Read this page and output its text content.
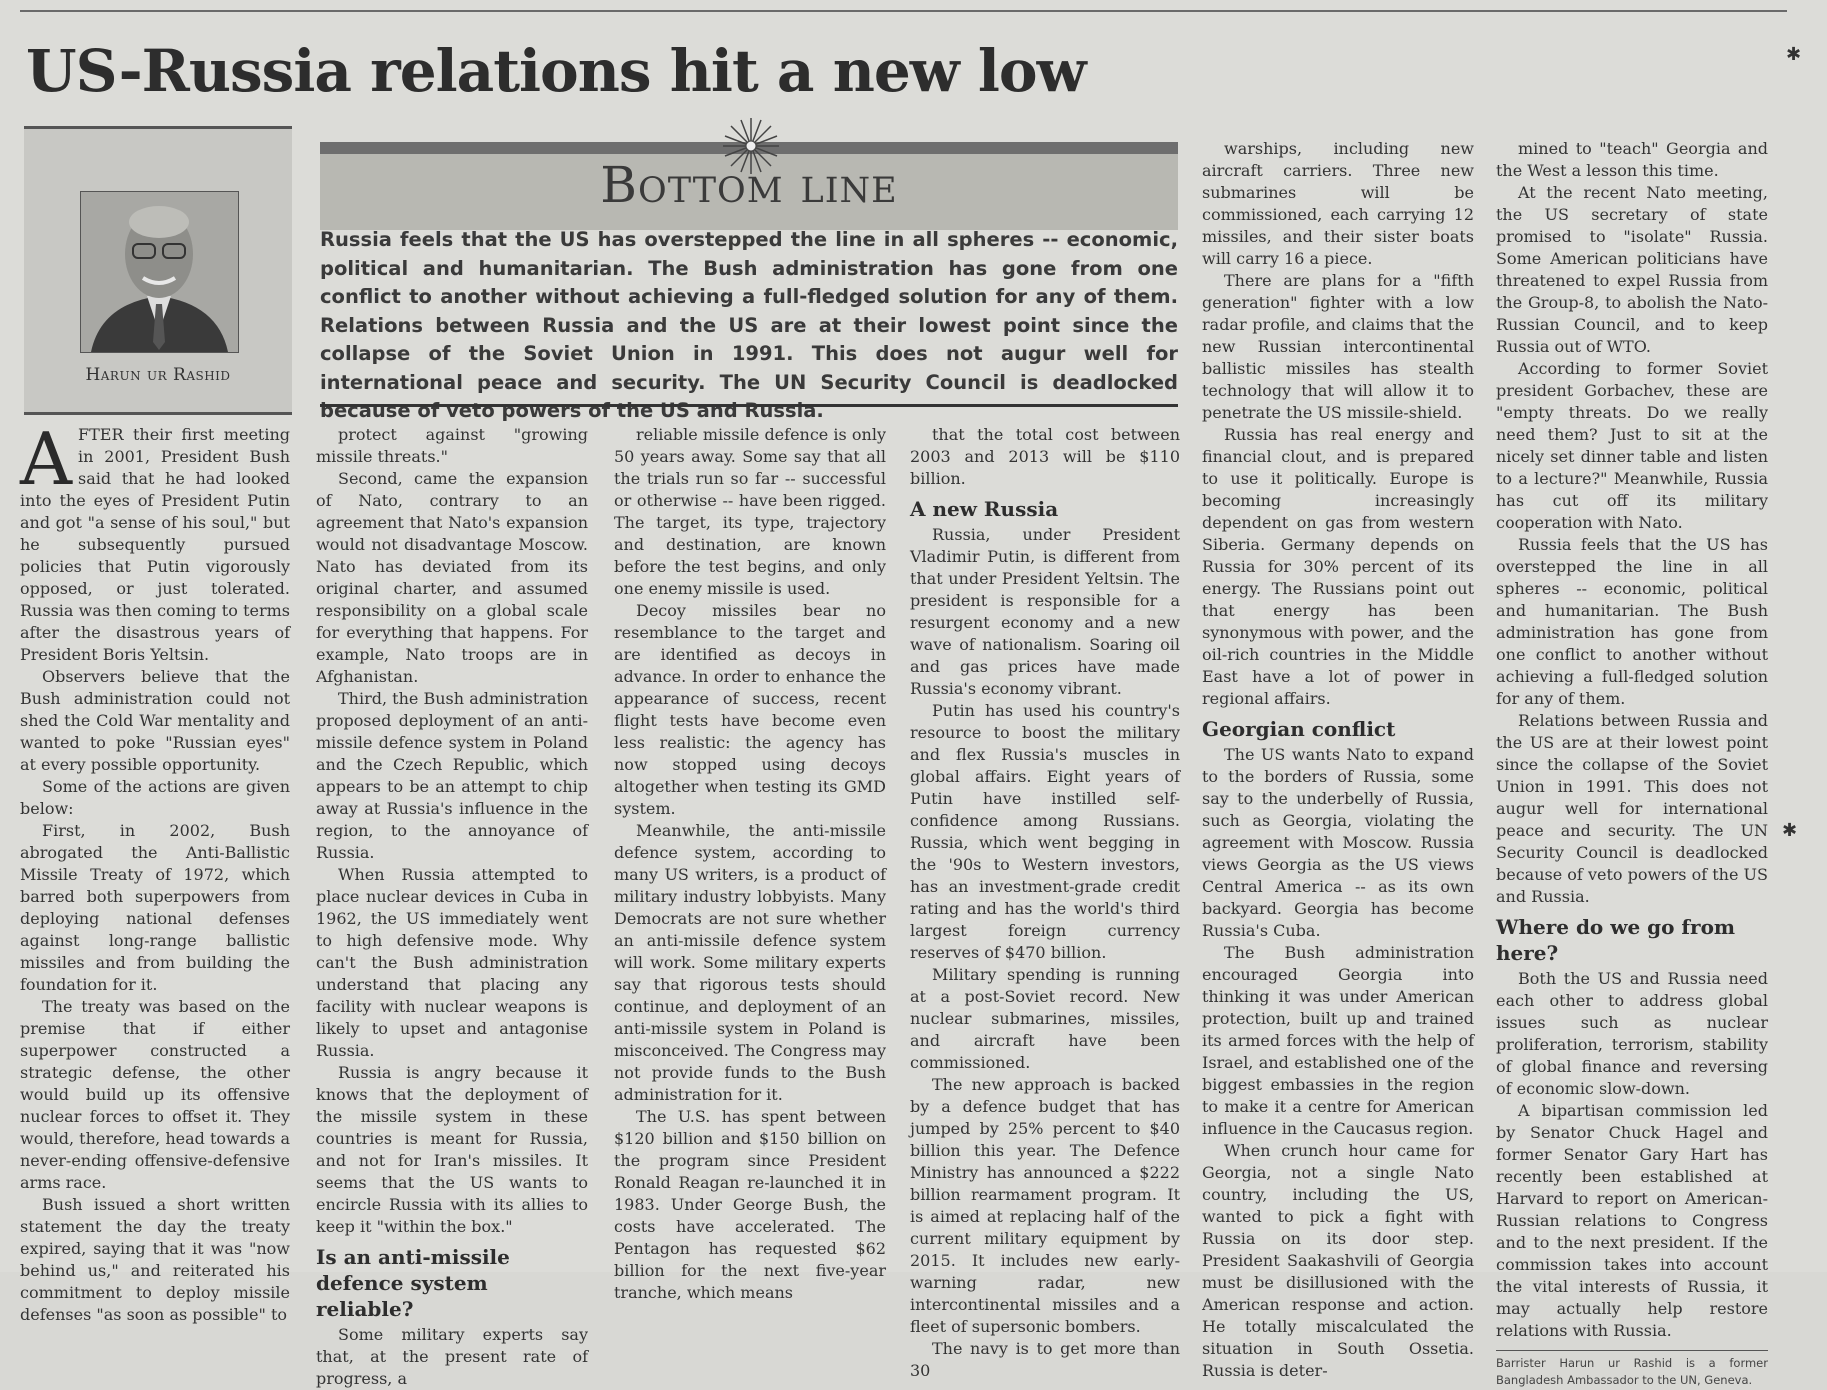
✱
✱
US-Russia relations hit a new low
Harun ur Rashid
Bottom line

Russia feels that the US has overstepped the line in all spheres -- economic, political and humanitarian. The Bush administration has gone from one conflict to another without achieving a full-fledged solution for any of them. Relations between Russia and the US are at their lowest point since the collapse of the Soviet Union in 1991. This does not augur well for international peace and security. The UN Security Council is deadlocked because of veto powers of the US and Russia.

AFTER their first meeting in 2001, President Bush said that he had looked into the eyes of President Putin and got "a sense of his soul," but he subsequently pursued policies that Putin vigorously opposed, or just tolerated. Russia was then coming to terms after the disastrous years of President Boris Yeltsin.

Observers believe that the Bush administration could not shed the Cold War mentality and wanted to poke "Russian eyes" at every possible opportunity.

Some of the actions are given below:

First, in 2002, Bush abrogated the Anti-Ballistic Missile Treaty of 1972, which barred both superpowers from deploying national defenses against long-range ballistic missiles and from building the foundation for it.

The treaty was based on the premise that if either superpower constructed a strategic defense, the other would build up its offensive nuclear forces to offset it. They would, therefore, head towards a never-ending offensive-defensive arms race.

Bush issued a short written statement the day the treaty expired, saying that it was "now behind us," and reiterated his commitment to deploy missile defenses "as soon as possible" to

protect against "growing missile threats."

Second, came the expansion of Nato, contrary to an agreement that Nato's expansion would not disadvantage Moscow. Nato has deviated from its original charter, and assumed responsibility on a global scale for everything that happens. For example, Nato troops are in Afghanistan.

Third, the Bush administration proposed deployment of an anti-missile defence system in Poland and the Czech Republic, which appears to be an attempt to chip away at Russia's influence in the region, to the annoyance of Russia.

When Russia attempted to place nuclear devices in Cuba in 1962, the US immediately went to high defensive mode. Why can't the Bush administration understand that placing any facility with nuclear weapons is likely to upset and antagonise Russia.

Russia is angry because it knows that the deployment of the missile system in these countries is meant for Russia, and not for Iran's missiles. It seems that the US wants to encircle Russia with its allies to keep it "within the box."

Is an anti-missile defence system reliable?

Some military experts say that, at the present rate of progress, a

reliable missile defence is only 50 years away. Some say that all the trials run so far -- successful or otherwise -- have been rigged. The target, its type, trajectory and destination, are known before the test begins, and only one enemy missile is used.

Decoy missiles bear no resemblance to the target and are identified as decoys in advance. In order to enhance the appearance of success, recent flight tests have become even less realistic: the agency has now stopped using decoys altogether when testing its GMD system.

Meanwhile, the anti-missile defence system, according to many US writers, is a product of military industry lobbyists. Many Democrats are not sure whether an anti-missile defence system will work. Some military experts say that rigorous tests should continue, and deployment of an anti-missile system in Poland is misconceived. The Congress may not provide funds to the Bush administration for it.

The U.S. has spent between $120 billion and $150 billion on the program since President Ronald Reagan re-launched it in 1983. Under George Bush, the costs have accelerated. The Pentagon has requested $62 billion for the next five-year tranche, which means

that the total cost between 2003 and 2013 will be $110 billion.

A new Russia

Russia, under President Vladimir Putin, is different from that under President Yeltsin. The president is responsible for a resurgent economy and a new wave of nationalism. Soaring oil and gas prices have made Russia's economy vibrant.

Putin has used his country's resource to boost the military and flex Russia's muscles in global affairs. Eight years of Putin have instilled self-confidence among Russians. Russia, which went begging in the '90s to Western investors, has an investment-grade credit rating and has the world's third largest foreign currency reserves of $470 billion.

Military spending is running at a post-Soviet record. New nuclear submarines, missiles, and aircraft have been commissioned.

The new approach is backed by a defence budget that has jumped by 25% percent to $40 billion this year. The Defence Ministry has announced a $222 billion rearmament program. It is aimed at replacing half of the current military equipment by 2015. It includes new early-warning radar, new intercontinental missiles and a fleet of supersonic bombers.

The navy is to get more than 30

warships, including new aircraft carriers. Three new submarines will be commissioned, each carrying 12 missiles, and their sister boats will carry 16 a piece.

There are plans for a "fifth generation" fighter with a low radar profile, and claims that the new Russian intercontinental ballistic missiles has stealth technology that will allow it to penetrate the US missile-shield.

Russia has real energy and financial clout, and is prepared to use it politically. Europe is becoming increasingly dependent on gas from western Siberia. Germany depends on Russia for 30% percent of its energy. The Russians point out that energy has been synonymous with power, and the oil-rich countries in the Middle East have a lot of power in regional affairs.

Georgian conflict

The US wants Nato to expand to the borders of Russia, some say to the underbelly of Russia, such as Georgia, violating the agreement with Moscow. Russia views Georgia as the US views Central America -- as its own backyard. Georgia has become Russia's Cuba.

The Bush administration encouraged Georgia into thinking it was under American protection, built up and trained its armed forces with the help of Israel, and established one of the biggest embassies in the region to make it a centre for American influence in the Caucasus region.

When crunch hour came for Georgia, not a single Nato country, including the US, wanted to pick a fight with Russia on its door step. President Saakashvili of Georgia must be disillusioned with the American response and action. He totally miscalculated the situation in South Ossetia. Russia is deter-

mined to "teach" Georgia and the West a lesson this time.

At the recent Nato meeting, the US secretary of state promised to "isolate" Russia. Some American politicians have threatened to expel Russia from the Group-8, to abolish the Nato-Russian Council, and to keep Russia out of WTO.

According to former Soviet president Gorbachev, these are "empty threats. Do we really need them? Just to sit at the nicely set dinner table and listen to a lecture?" Meanwhile, Russia has cut off its military cooperation with Nato.

Russia feels that the US has overstepped the line in all spheres -- economic, political and humanitarian. The Bush administration has gone from one conflict to another without achieving a full-fledged solution for any of them.

Relations between Russia and the US are at their lowest point since the collapse of the Soviet Union in 1991. This does not augur well for international peace and security. The UN Security Council is deadlocked because of veto powers of the US and Russia.

Where do we go from here?

Both the US and Russia need each other to address global issues such as nuclear proliferation, terrorism, stability of global finance and reversing of economic slow-down.

A bipartisan commission led by Senator Chuck Hagel and former Senator Gary Hart has recently been established at Harvard to report on American-Russian relations to Congress and to the next president. If the commission takes into account the vital interests of Russia, it may actually help restore relations with Russia.

Barrister Harun ur Rashid is a former Bangladesh Ambassador to the UN, Geneva.
